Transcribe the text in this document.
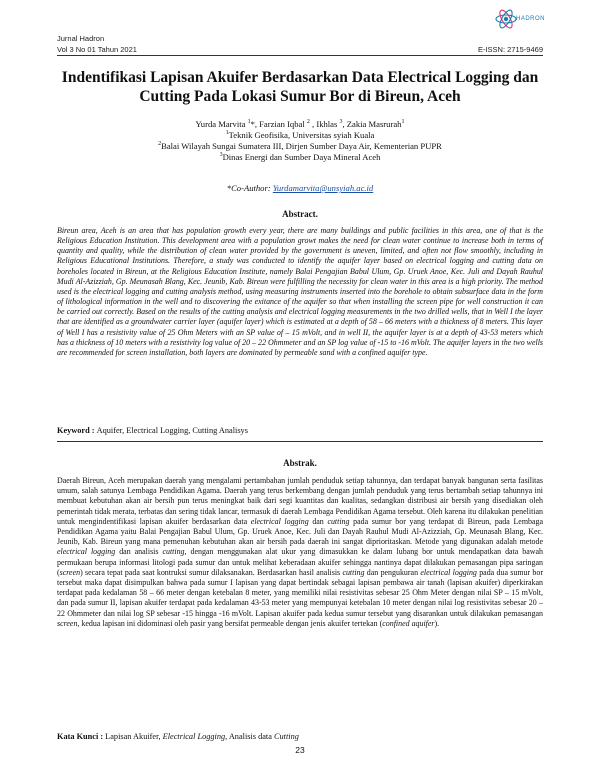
Jurnal Hadron
Vol 3 No 01 Tahun 2021	E-ISSN: 2715-9469
HADRON
Indentifikasi Lapisan Akuifer Berdasarkan Data Electrical Logging dan Cutting Pada Lokasi Sumur Bor di Bireun, Aceh
Yurda Marvita $^1$*, Farzian Iqbal $^2$ , Ikhlas $^3$, Zakia Masrurah$^1$
$^1$Teknik Geofisika, Universitas syiah Kuala
$^2$Balai Wilayah Sungai Sumatera III, Dirjen Sumber Daya Air, Kementerian PUPR
$^3$Dinas Energi dan Sumber Daya Mineral Aceh
*Co-Author: Yurdamarvita@unsyiah.ac.id
Abstract.
Bireun area, Aceh is an area that has population growth every year, there are many buildings and public facilities in this area, one of that is the Religious Education Institution. This development area with a population growt makes the need for clean water continue to increase both in terms of quantity and quality, while the distribution of clean water provided by the government is uneven, limited, and often not flow smoothly, including in Religious Educational Institutions. Therefore, a study was conducted to identify the aquifer layer based on electrical logging and cutting data on boreholes located in Bireun, at the Religious Education Institute, namely Balai Pengajian Babul Ulum, Gp. Uruek Anoe, Kec. Juli and Dayah Rauhul Mudi Al-Azizziah, Gp. Meunasah Blang, Kec. Jeunib, Kab. Bireun were fulfilling the necessity for clean water in this area is a high priority. The method used is the electrical logging and cutting analysis method, using measuring instruments inserted into the borehole to obtain subsurface data in the form of lithological information in the well and to discovering the exitance of the aquifer so that when installing the screen pipe for well construction it can be carried out correctly. Based on the results of the cutting analysis and electrical logging measurements in the two drilled wells, that in Well I the layer that are identified as a groundwater carrier layer (aquifer layer) which is estimated at a depth of 58 – 66 meters with a thickness of 8 meters. This layer of Well I has a resistivity value of 25 Ohm Meters with an SP value of – 15 mVolt, and in well II, the aquifer layer is at a depth of 43-53 meters which has a thickness of 10 meters with a resistivity log value of 20 – 22 Ohmmeter and an SP log value of -15 to -16 mVolt. The aquifer layers in the two wells are recommended for screen installation, both layers are dominated by permeable sand with a confined aquifer type.
Keyword : Aquifer, Electrical Logging, Cutting Analisys
Abstrak.
Daerah Bireun, Aceh merupakan daerah yang mengalami pertambahan jumlah penduduk setiap tahunnya, dan terdapat banyak bangunan serta fasilitas umum, salah satunya Lembaga Pendidikan Agama. Daerah yang terus berkembang dengan jumlah penduduk yang terus bertambah setiap tahunnya ini membuat kebutuhan akan air bersih pun terus meningkat baik dari segi kuantitas dan kualitas, sedangkan distribusi air bersih yang disediakan oleh pemerintah tidak merata, terbatas dan sering tidak lancar, termasuk di daerah Lembaga Pendidikan Agama tersebut. Oleh karena itu dilakukan penelitian untuk mengindentifikasi lapisan akuifer berdasarkan data electrical logging dan cutting pada sumur bor yang terdapat di Bireun, pada Lembaga Pendidikan Agama yaitu Balai Pengajian Babul Ulum, Gp. Uruek Anoe, Kec. Juli dan Dayah Rauhul Mudi Al-Azizziah, Gp. Meunasah Blang, Kec. Jeunib, Kab. Bireun yang mana pemenuhan kebutuhan akan air bersih pada daerah ini sangat diprioritaskan. Metode yang digunakan adalah metode electrical logging dan analisis cutting, dengan menggunakan alat ukur yang dimasukkan ke dalam lubang bor untuk mendapatkan data bawah permukaan berupa informasi litologi pada sumur dan untuk melihat keberadaan akuifer sehingga nantinya dapat dilakukan pemasangan pipa saringan (screen) secara tepat pada saat kontruksi sumur dilaksanakan. Berdasarkan hasil analisis cutting dan pengukuran electrical logging pada dua sumur bor tersebut maka dapat disimpulkan bahwa pada sumur I lapisan yang dapat bertindak sebagai lapisan pembawa air tanah (lapisan akuifer) diperkirakan terdapat pada kedalaman 58 – 66 meter dengan ketebalan 8 meter, yang memiliki nilai resistivitas sebesar 25 Ohm Meter dengan nilai SP – 15 mVolt, dan pada sumur II, lapisan akuifer terdapat pada kedalaman 43-53 meter yang mempunyai ketebalan 10 meter dengan nilai log resistivitas sebesar 20 – 22 Ohmmeter dan nilai log SP sebesar -15 hingga -16 mVolt. Lapisan akuifer pada kedua sumur tersebut yang disarankan untuk dilakukan pemasangan screen, kedua lapisan ini didominasi oleh pasir yang bersifat permeable dengan jenis akuifer tertekan (confined aquifer).
Kata Kunci : Lapisan Akuifer, Electrical Logging, Analisis data Cutting
23
